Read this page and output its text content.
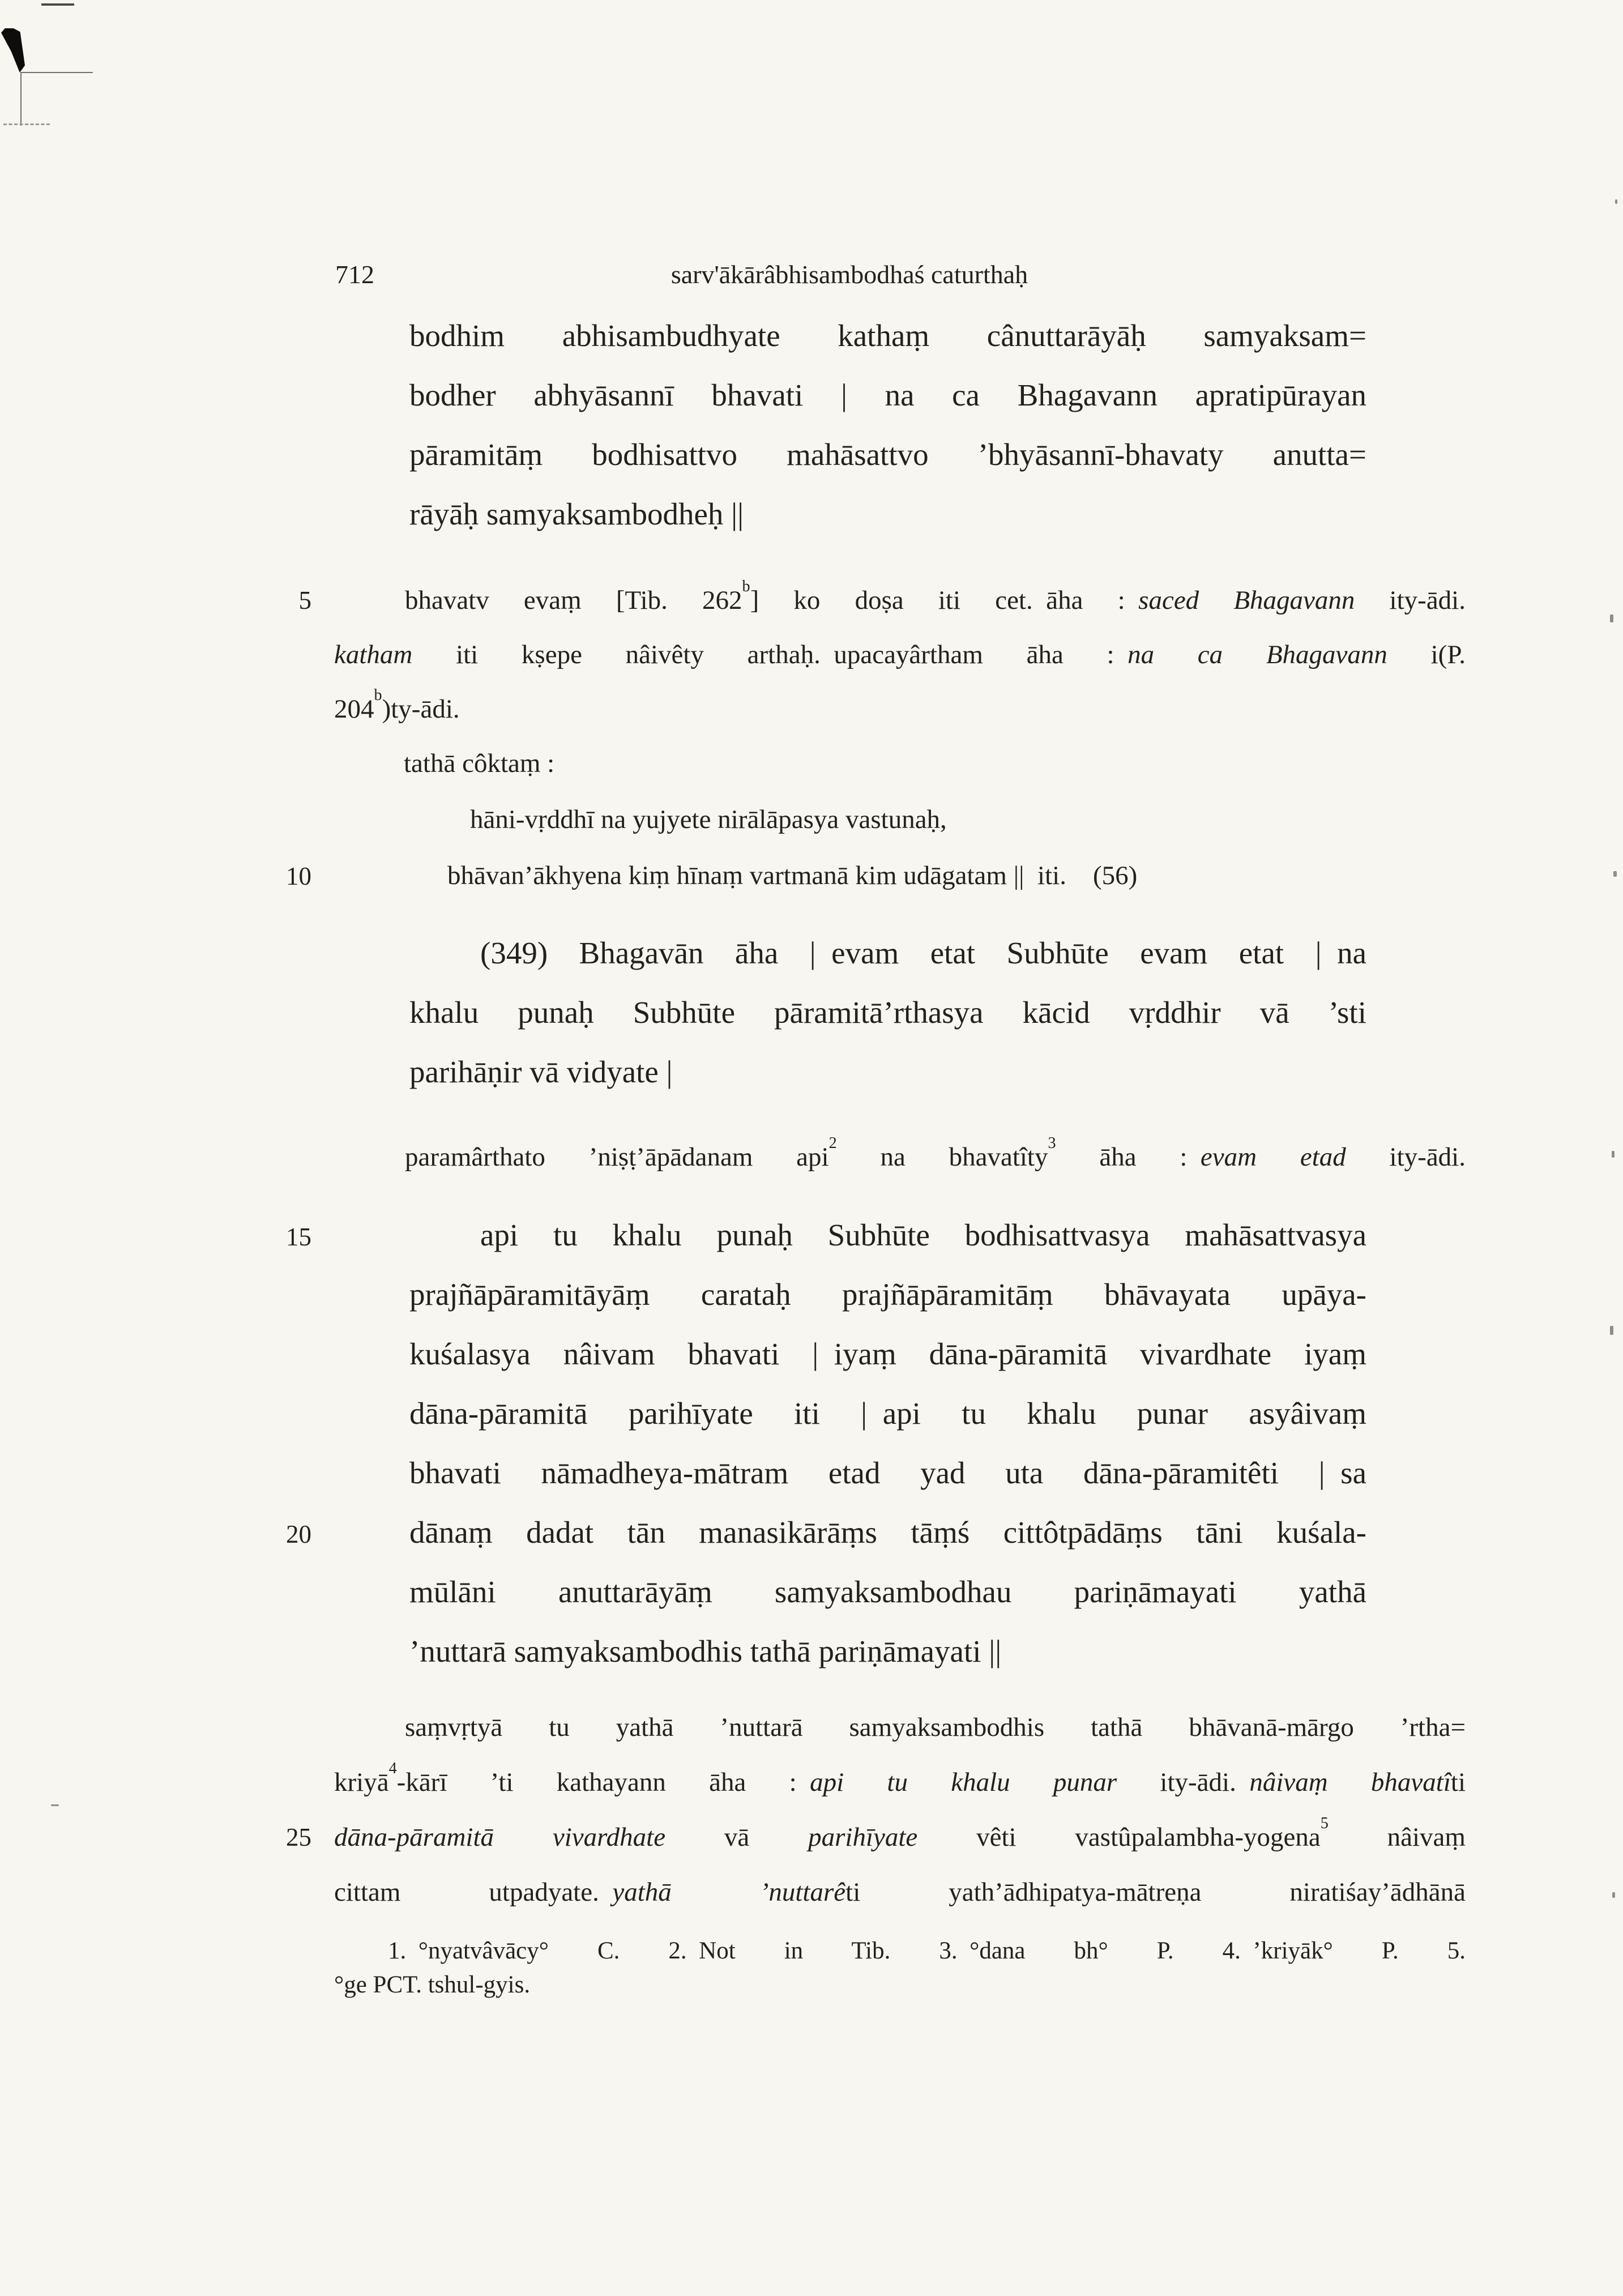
712	sarv'ākārâbhisambodhaś caturthaḥ
5
10
15
20
25
bodhim abhisambudhyate kathaṃ cânuttarāyāḥ samyaksam=
bodher abhyāsannī bhavati | na ca Bhagavann apratipūrayan
pāramitāṃ bodhisattvo mahāsattvo ’bhyāsannī-bhavaty anutta=
rāyāḥ samyaksambodheḥ ||
bhavatv evaṃ [Tib. 262$^b$] ko doṣa iti cet. āha : saced Bhagavann ity-ādi.
katham iti kṣepe nâivêty arthaḥ. upacayârtham āha : na ca Bhagavann i(P.
204$^b$)ty-ādi.
tathā côktaṃ :
hāni-vṛddhī na yujyete nirālāpasya vastunaḥ,
bhāvan’ākhyena kiṃ hīnaṃ vartmanā kim udāgatam || iti. (56)
(349) Bhagavān āha | evam etat Subhūte evam etat | na
khalu punaḥ Subhūte pāramitā’rthasya kācid vṛddhir vā ’sti
parihāṇir vā vidyate |
paramârthato ’niṣṭ’āpādanam api$^2$ na bhavatîty$^3$ āha : evam etad ity-ādi.
api tu khalu punaḥ Subhūte bodhisattvasya mahāsattvasya
prajñāpāramitāyāṃ carataḥ prajñāpāramitāṃ bhāvayata upāya-
kuśalasya nâivam bhavati | iyaṃ dāna-pāramitā vivardhate iyaṃ
dāna-pāramitā parihīyate iti | api tu khalu punar asyâivaṃ
bhavati nāmadheya-mātram etad yad uta dāna-pāramitêti | sa
dānaṃ dadat tān manasikārāṃs tāṃś cittôtpādāṃs tāni kuśala-
mūlāni anuttarāyāṃ samyaksambodhau pariṇāmayati yathā
’nuttarā samyaksambodhis tathā pariṇāmayati ||
saṃvṛtyā tu yathā ’nuttarā samyaksambodhis tathā bhāvanā-mārgo ’rtha=
kriyā$^4$-kārī ’ti kathayann āha : api tu khalu punar ity-ādi. nâivaṃ bhavatîti
dāna-pāramitā vivardhate vā parihīyate vêti vastûpalambha-yogena$^5$ nâivaṃ
cittam utpadyate. yathā ’nuttarêti yath’ādhipatya-mātreṇa niratiśay’ādhānā
1. °nyatvâvācy° C.  2. Not in Tib.  3. °dana bh° P.  4. ’kriyāk° P.  5.
°ge PCT. tshul-gyis.
